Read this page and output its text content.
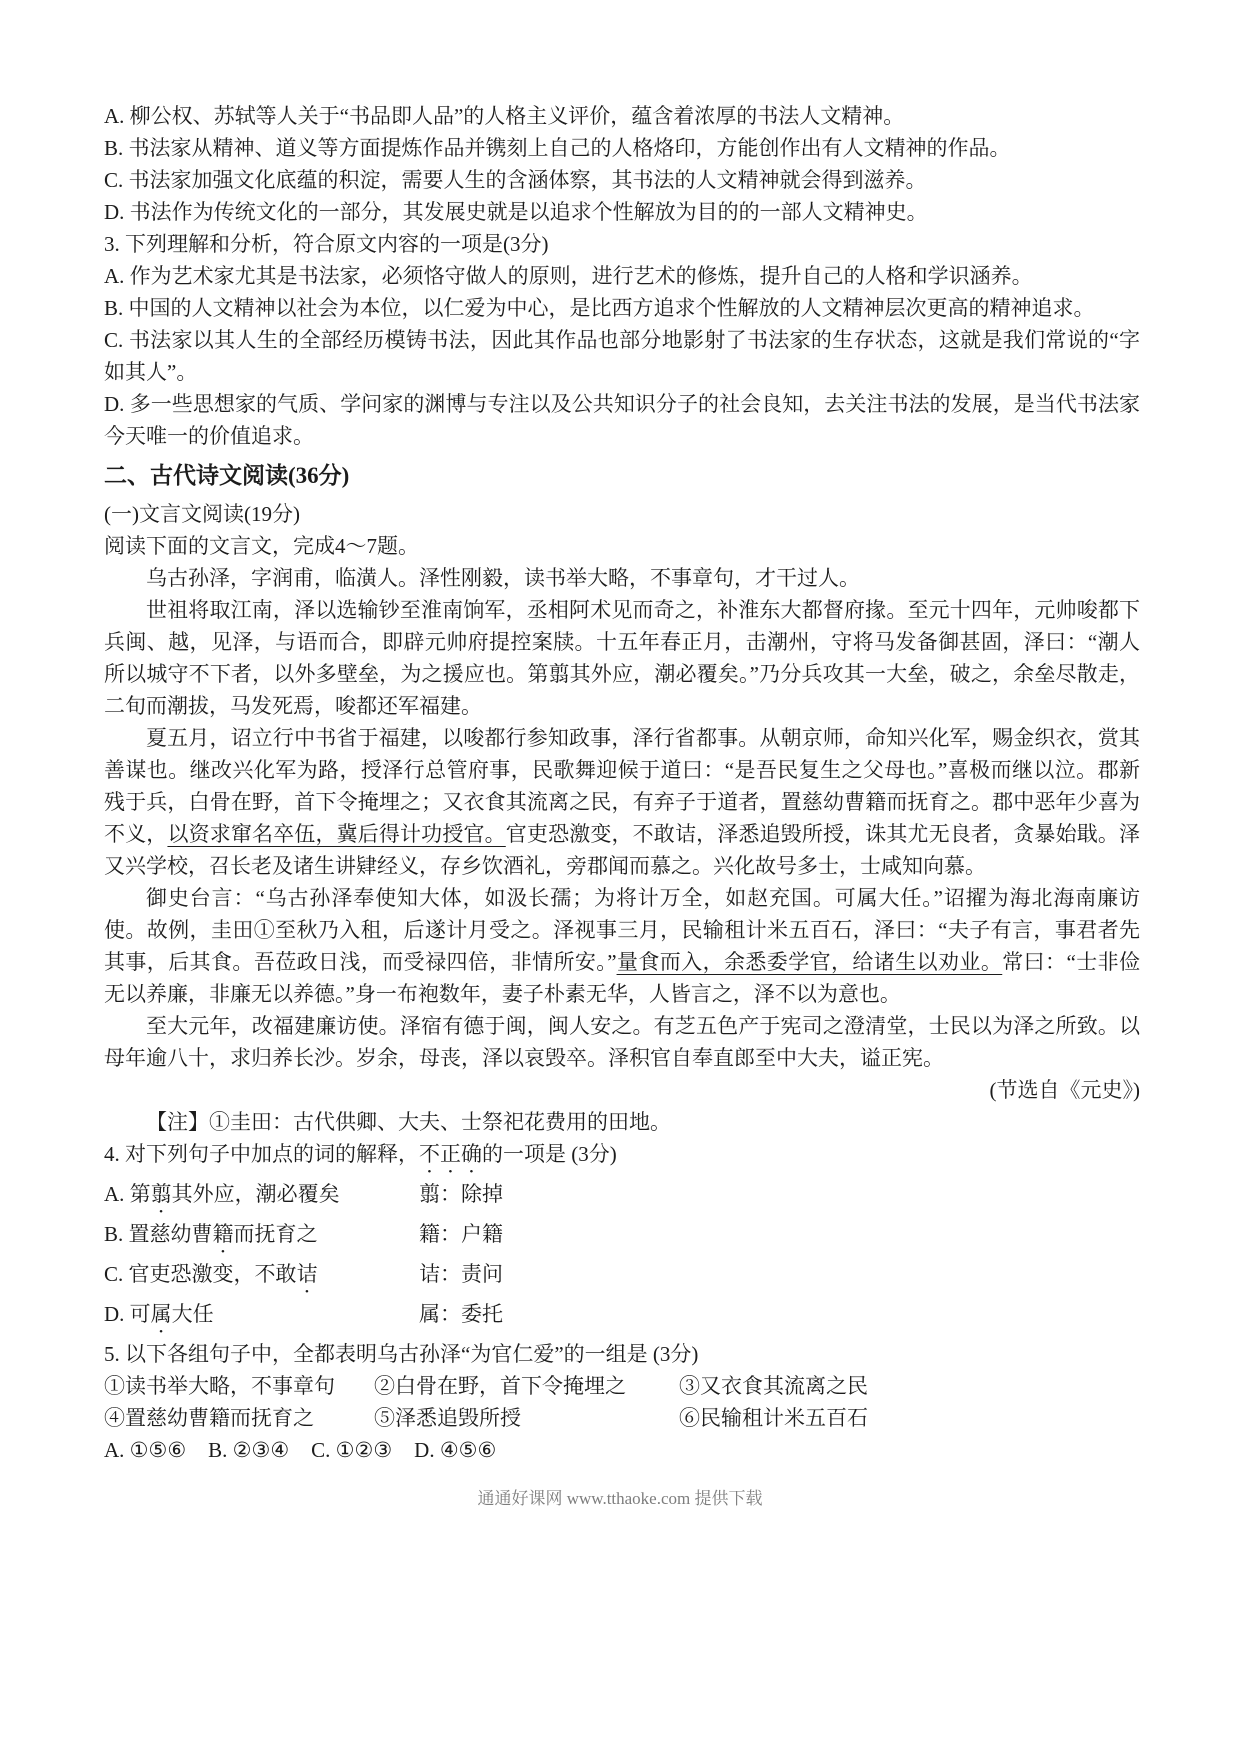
A. 柳公权、苏轼等人关于“书品即人品”的人格主义评价，蕴含着浓厚的书法人文精神。

B. 书法家从精神、道义等方面提炼作品并镌刻上自己的人格烙印，方能创作出有人文精神的作品。

C. 书法家加强文化底蕴的积淀，需要人生的含涵体察，其书法的人文精神就会得到滋养。

D. 书法作为传统文化的一部分，其发展史就是以追求个性解放为目的的一部人文精神史。

3. 下列理解和分析，符合原文内容的一项是(3分)

A. 作为艺术家尤其是书法家，必须恪守做人的原则，进行艺术的修炼，提升自己的人格和学识涵养。

B. 中国的人文精神以社会为本位，以仁爱为中心，是比西方追求个性解放的人文精神层次更高的精神追求。

C. 书法家以其人生的全部经历模铸书法，因此其作品也部分地影射了书法家的生存状态，这就是我们常说的“字如其人”。

D. 多一些思想家的气质、学问家的渊博与专注以及公共知识分子的社会良知，去关注书法的发展，是当代书法家今天唯一的价值追求。

二、古代诗文阅读(36分)

(一)文言文阅读(19分)

阅读下面的文言文，完成4～7题。

乌古孙泽，字润甫，临潢人。泽性刚毅，读书举大略，不事章句，才干过人。

世祖将取江南，泽以选输钞至淮南饷军，丞相阿术见而奇之，补淮东大都督府掾。至元十四年，元帅唆都下兵闽、越，见泽，与语而合，即辟元帅府提控案牍。十五年春正月，击潮州，守将马发备御甚固，泽曰：“潮人所以城守不下者，以外多壁垒，为之援应也。第翦其外应，潮必覆矣。”乃分兵攻其一大垒，破之，余垒尽散走，二旬而潮拔，马发死焉，唆都还军福建。

夏五月，诏立行中书省于福建，以唆都行参知政事，泽行省都事。从朝京师，命知兴化军，赐金织衣，赏其善谋也。继改兴化军为路，授泽行总管府事，民歌舞迎候于道曰：“是吾民复生之父母也。”喜极而继以泣。郡新残于兵，白骨在野，首下令掩埋之；又衣食其流离之民，有弃子于道者，置慈幼曹籍而抚育之。郡中恶年少喜为不义，以资求窜名卒伍，冀后得计功授官。官吏恐激变，不敢诘，泽悉追毁所授，诛其尤无良者，贪暴始戢。泽又兴学校，召长老及诸生讲肄经义，存乡饮酒礼，旁郡闻而慕之。兴化故号多士，士咸知向慕。

御史台言：“乌古孙泽奉使知大体，如汲长孺；为将计万全，如赵充国。可属大任。”诏擢为海北海南廉访使。故例，圭田①至秋乃入租，后遂计月受之。泽视事三月，民输租计米五百石，泽曰：“夫子有言，事君者先其事，后其食。吾莅政日浅，而受禄四倍，非情所安。”量食而入，余悉委学官，给诸生以劝业。常曰：“士非俭无以养廉，非廉无以养德。”身一布袍数年，妻子朴素无华，人皆言之，泽不以为意也。

至大元年，改福建廉访使。泽宿有德于闽，闽人安之。有芝五色产于宪司之澄清堂，士民以为泽之所致。以母年逾八十，求归养长沙。岁余，母丧，泽以哀毁卒。泽积官自奉直郎至中大夫，谥正宪。

(节选自《元史》)

【注】①圭田：古代供卿、大夫、士祭祀花费用的田地。

4. 对下列句子中加点的词的解释，不正确的一项是 (3分)

A. 第翦其外应，潮必覆矣	翦：除掉
B. 置慈幼曹籍而抚育之	籍：户籍
C. 官吏恐激变，不敢诘	诘：责问
D. 可属大任	属：委托

5. 以下各组句子中，全都表明乌古孙泽“为官仁爱”的一组是 (3分)

①读书举大略，不事章句	②白骨在野，首下令掩埋之	③又衣食其流离之民
④置慈幼曹籍而抚育之	⑤泽悉追毁所授	⑥民输租计米五百石
A. ①⑤⑥ B. ②③④ C. ①②③ D. ④⑤⑥
通通好课网 www.tthaoke.com 提供下载
